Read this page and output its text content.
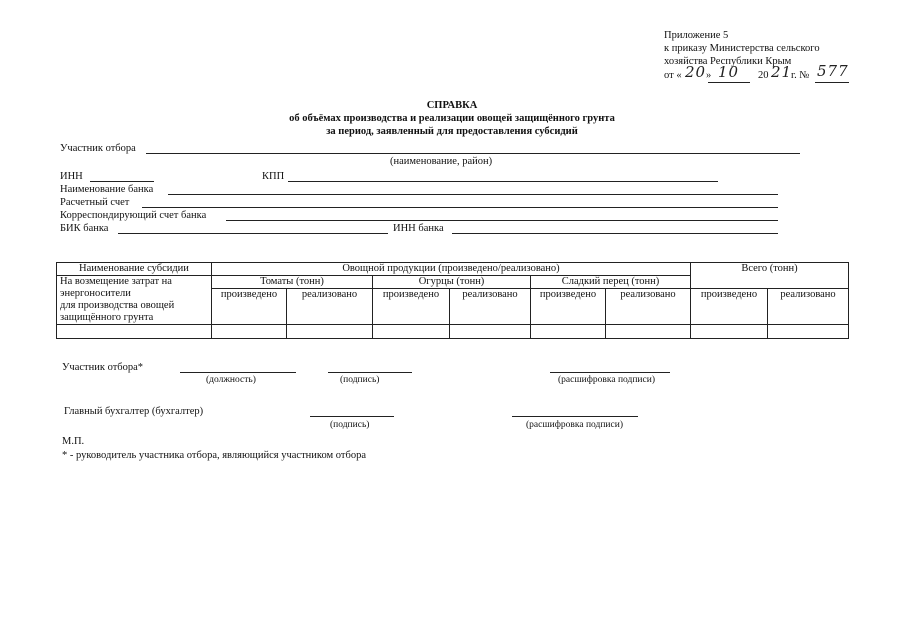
Приложение 5
к приказу Министерства сельского
хозяйства Республики Крым
от « 20 » 10 20 21
г. № 577
СПРАВКА
об объёмах производства и реализации овощей защищённого грунта
за период, заявленный для предоставления субсидий
Участник отбора
(наименование, район)
ИНН	КПП
Наименование банка
Расчетный счет
Корреспондирующий счет банка
БИК банка	ИНН банка
Наименование субсидии	Овощной продукции (произведено/реализовано)						Всего (тонн)	

На возмещение затрат на
энергоносители
для производства овощей
защищённого грунта	Томаты (тонн)		Огурцы (тонн)		Сладкий перец (тонн)			
	произведено	реализовано	произведено	реализовано	произведено	реализовано	произведено	реализовано

Участник отбора*
(должность)	(подпись)	(расшифровка подписи)
Главный бухгалтер (бухгалтер)
(подпись)	(расшифровка подписи)
М.П.
* - руководитель участника отбора, являющийся участником отбора
